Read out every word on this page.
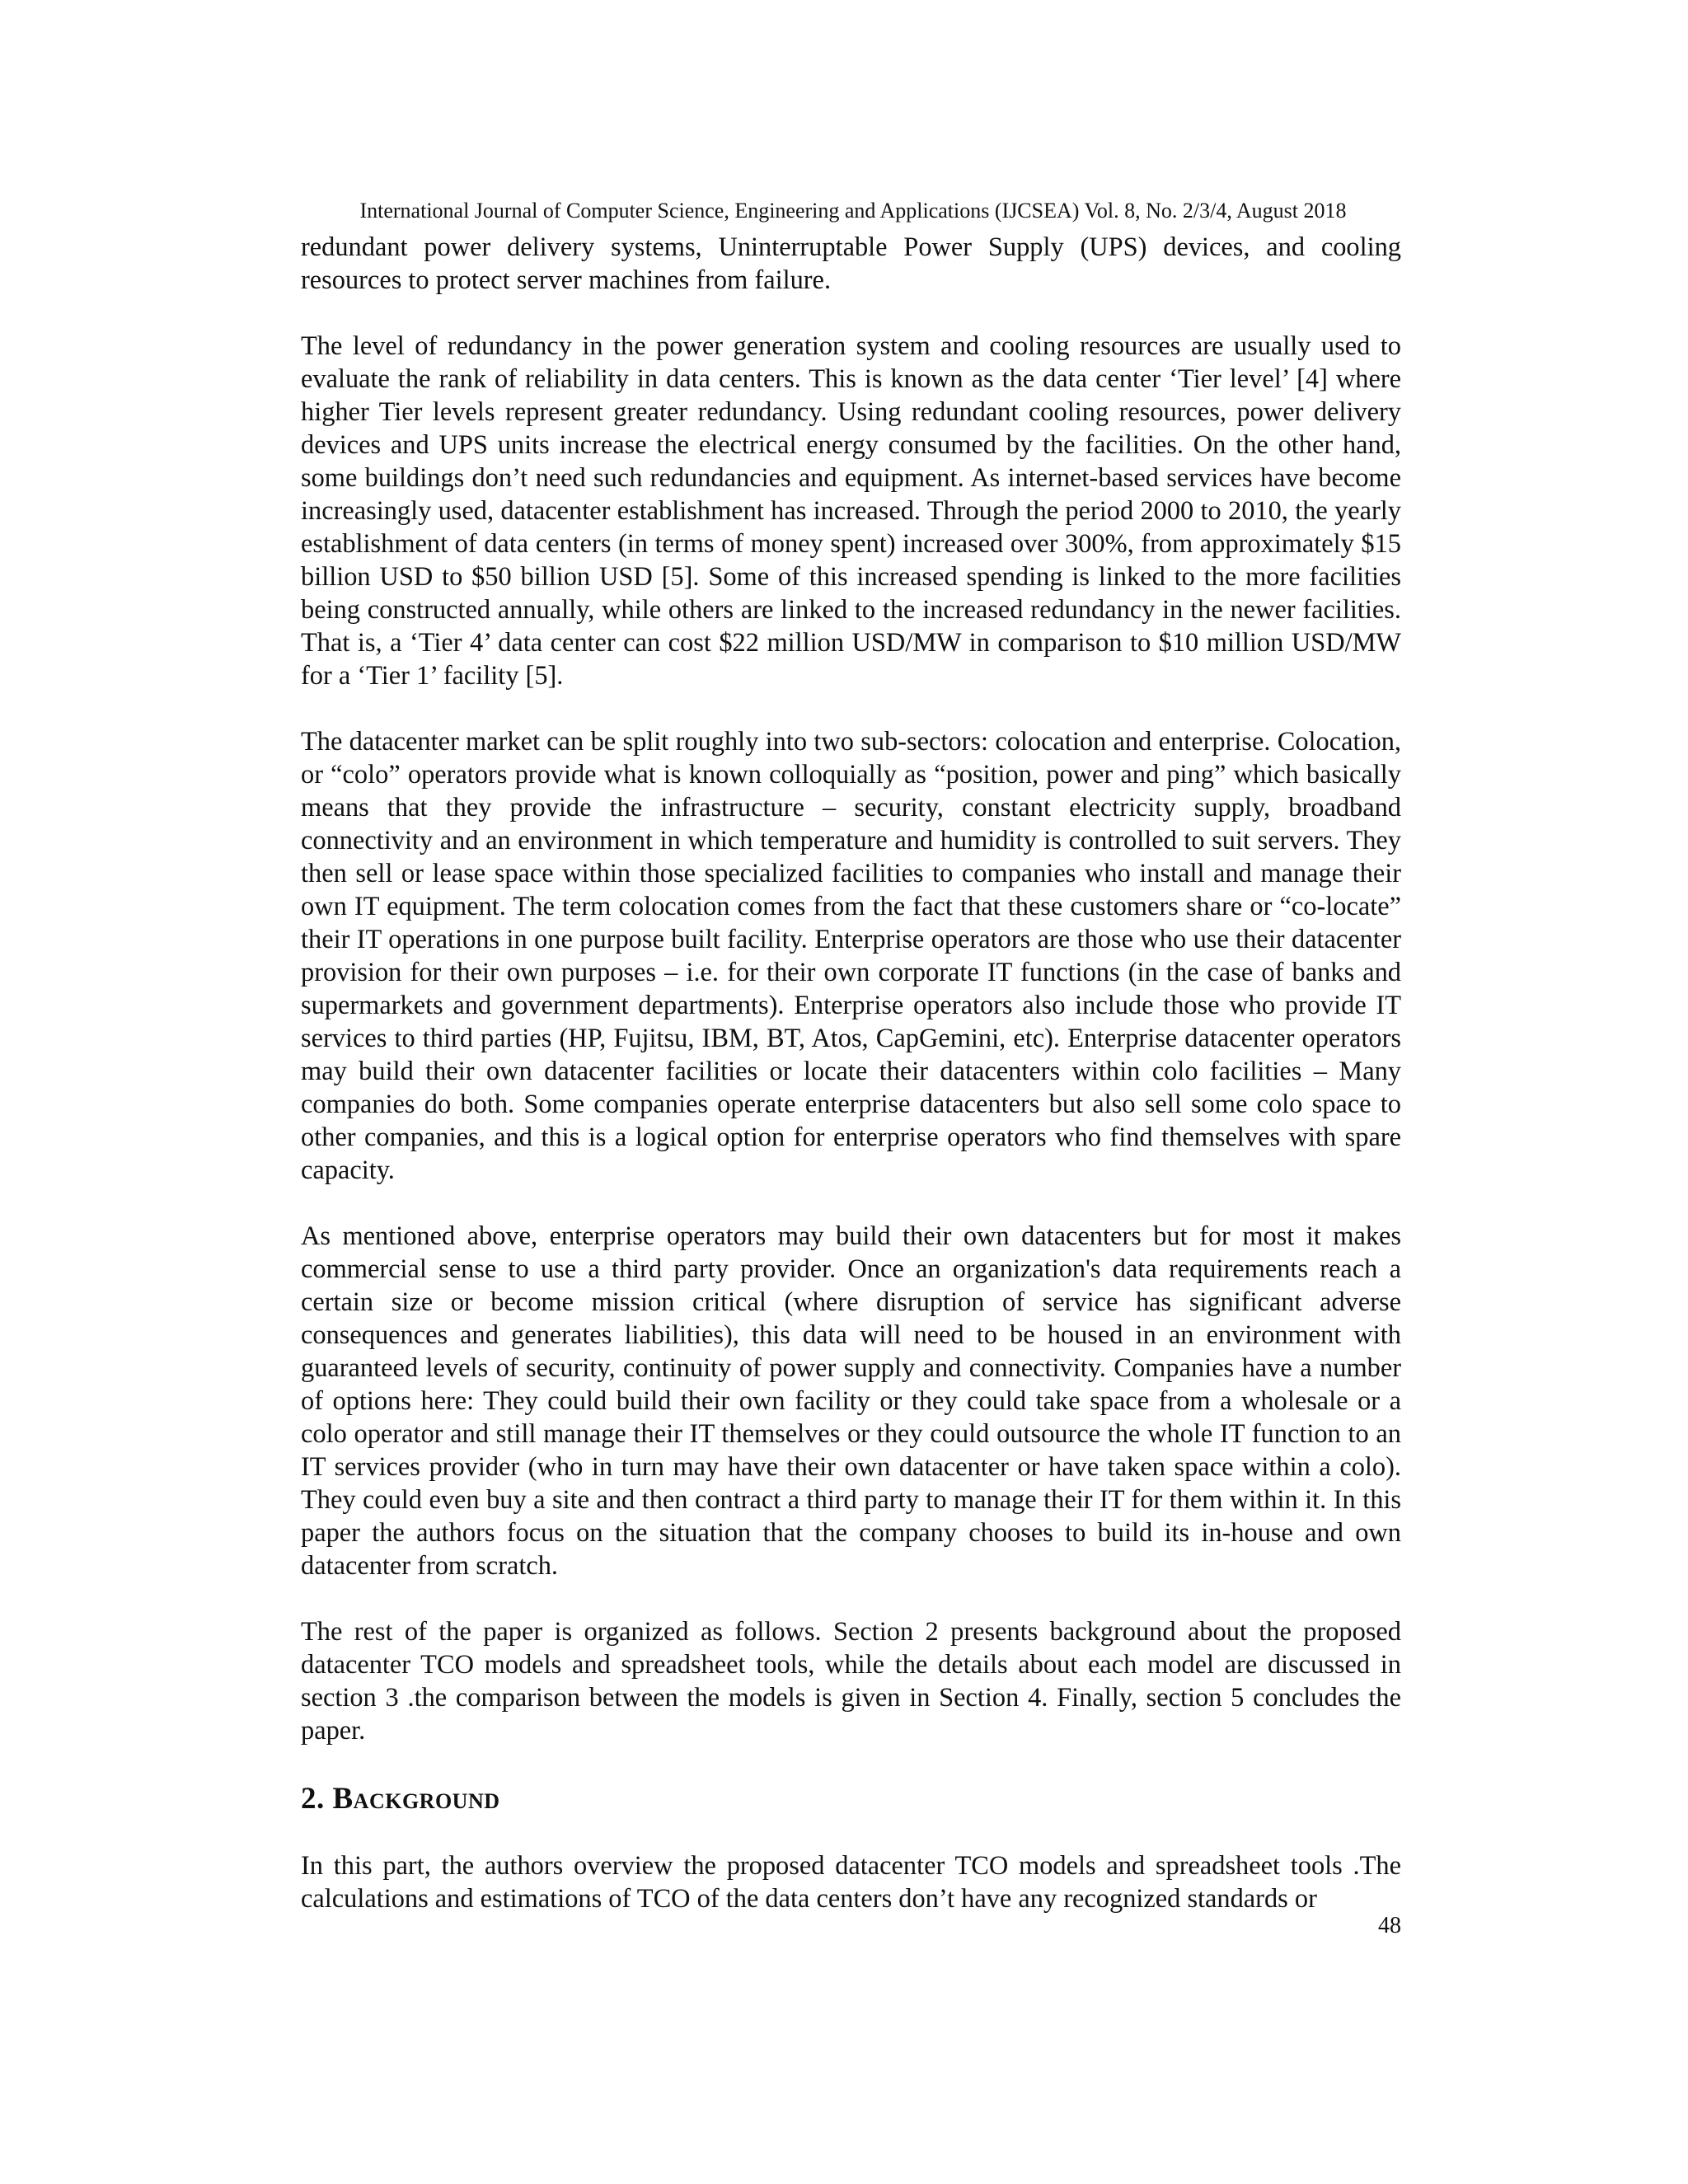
International Journal of Computer Science, Engineering and Applications (IJCSEA) Vol. 8, No. 2/3/4, August 2018

redundant power delivery systems, Uninterruptable Power Supply (UPS) devices, and cooling resources to protect server machines from failure.

The level of redundancy in the power generation system and cooling resources are usually used to evaluate the rank of reliability in data centers. This is known as the data center ‘Tier level’ [4] where higher Tier levels represent greater redundancy. Using redundant cooling resources, power delivery devices and UPS units increase the electrical energy consumed by the facilities. On the other hand, some buildings don’t need such redundancies and equipment. As internet-based services have become increasingly used, datacenter establishment has increased. Through the period 2000 to 2010, the yearly establishment of data centers (in terms of money spent) increased over 300%, from approximately $15 billion USD to $50 billion USD [5]. Some of this increased spending is linked to the more facilities being constructed annually, while others are linked to the increased redundancy in the newer facilities. That is, a ‘Tier 4’ data center can cost $22 million USD/MW in comparison to $10 million USD/MW for a ‘Tier 1’ facility [5].

The datacenter market can be split roughly into two sub-sectors: colocation and enterprise. Colocation, or “colo” operators provide what is known colloquially as “position, power and ping” which basically means that they provide the infrastructure – security, constant electricity supply, broadband connectivity and an environment in which temperature and humidity is controlled to suit servers. They then sell or lease space within those specialized facilities to companies who install and manage their own IT equipment. The term colocation comes from the fact that these customers share or “co-locate” their IT operations in one purpose built facility. Enterprise operators are those who use their datacenter provision for their own purposes – i.e. for their own corporate IT functions (in the case of banks and supermarkets and government departments). Enterprise operators also include those who provide IT services to third parties (HP, Fujitsu, IBM, BT, Atos, CapGemini, etc). Enterprise datacenter operators may build their own datacenter facilities or locate their datacenters within colo facilities – Many companies do both. Some companies operate enterprise datacenters but also sell some colo space to other companies, and this is a logical option for enterprise operators who find themselves with spare capacity.

As mentioned above, enterprise operators may build their own datacenters but for most it makes commercial sense to use a third party provider. Once an organization's data requirements reach a certain size or become mission critical (where disruption of service has significant adverse consequences and generates liabilities), this data will need to be housed in an environment with guaranteed levels of security, continuity of power supply and connectivity. Companies have a number of options here: They could build their own facility or they could take space from a wholesale or a colo operator and still manage their IT themselves or they could outsource the whole IT function to an IT services provider (who in turn may have their own datacenter or have taken space within a colo). They could even buy a site and then contract a third party to manage their IT for them within it. In this paper the authors focus on the situation that the company chooses to build its in-house and own datacenter from scratch.

The rest of the paper is organized as follows. Section 2 presents background about the proposed datacenter TCO models and spreadsheet tools, while the details about each model are discussed in section 3 .the comparison between the models is given in Section 4. Finally, section 5 concludes the paper.

2. Background

In this part, the authors overview the proposed datacenter TCO models and spreadsheet tools .The calculations and estimations of TCO of the data centers don’t have any recognized standards or

48
